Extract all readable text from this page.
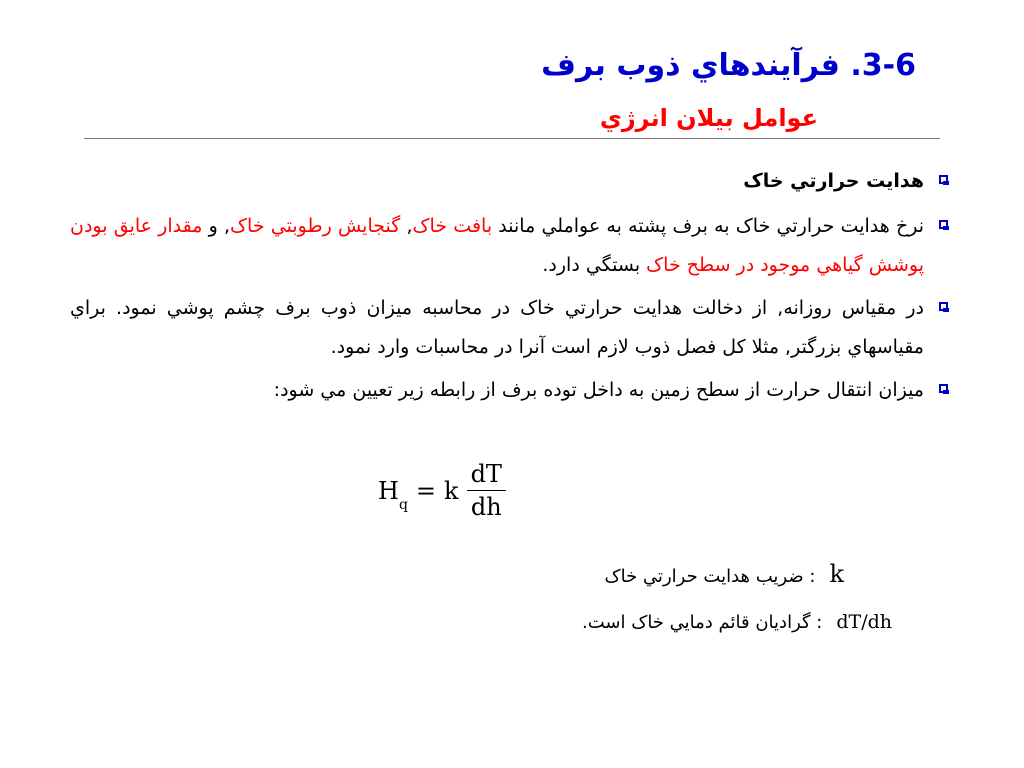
3-6. فرآيندهاي ذوب برف
عوامل بيلان انرژي
هدايت حرارتي خاک
نرخ هدايت حرارتي خاک به برف پشته به عواملي مانند بافت خاک, گنجايش رطوبتي خاک, و مقدار عايق بودن پوشش گياهي موجود در سطح خاک بستگي دارد.
در مقياس روزانه, از دخالت هدايت حرارتي خاک در محاسبه ميزان ذوب برف چشم پوشي نمود. براي مقياسهاي بزرگتر, مثلا کل فصل ذوب لازم است آنرا در محاسبات وارد نمود.
ميزان انتقال حرارت از سطح زمين به داخل توده برف از رابطه زير تعيين مي شود:
$H_q = k \frac{dT}{dh}$
k: ضريب هدايت حرارتي خاک
dT/dh: گراديان قائم دمايي خاک است.
